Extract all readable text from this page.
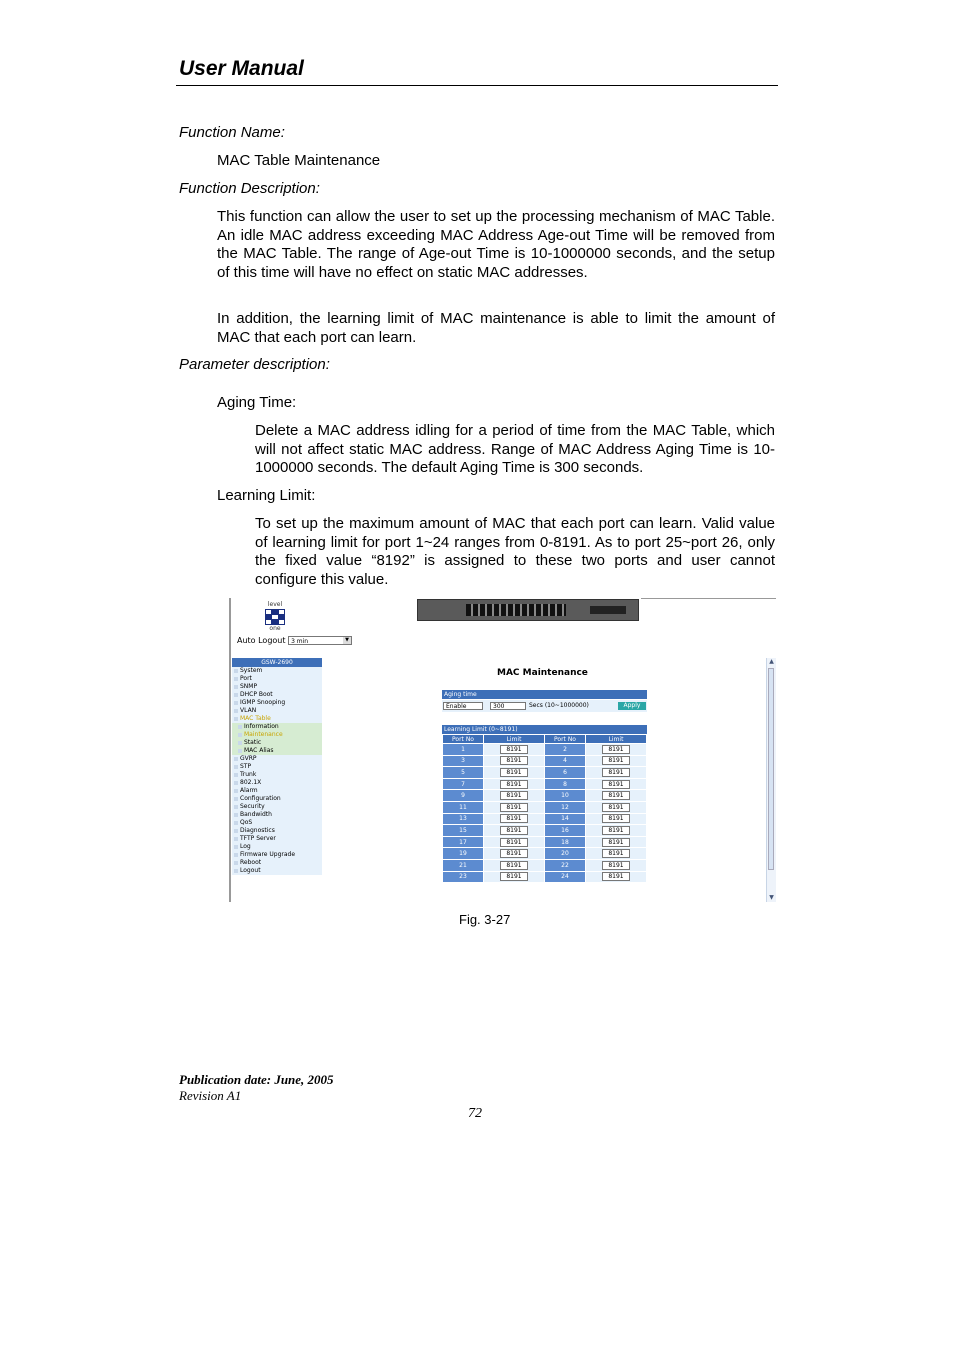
User Manual
Function Name:
MAC Table Maintenance
Function Description:
This function can allow the user to set up the processing mechanism of MAC Table. An idle MAC address exceeding MAC Address Age-out Time will be removed from the MAC Table. The range of Age-out Time is 10-1000000 seconds, and the setup of this time will have no effect on static MAC addresses.
In addition, the learning limit of MAC maintenance is able to limit the amount of MAC that each port can learn.
Parameter description:
Aging Time:
Delete a MAC address idling for a period of time from the MAC Table, which will not affect static MAC address. Range of MAC Address Aging Time is 10-1000000 seconds. The default Aging Time is 300 seconds.
Learning Limit:
To set up the maximum amount of MAC that each port can learn. Valid value of learning limit for port 1~24 ranges from 0-8191. As to port 25~port 26, only the fixed value “8192” is assigned to these two ports and user cannot configure this value.
level
one
Auto Logout 3 min	▼
GSW-2690
System
Port
SNMP
DHCP Boot
IGMP Snooping
VLAN
MAC Table
Information
Maintenance
Static
MAC Alias
GVRP
STP
Trunk
802.1X
Alarm
Configuration
Security
Bandwidth
QoS
Diagnostics
TFTP Server
Log
Firmware Upgrade
Reboot
Logout
MAC Maintenance
Aging time
Enable	300	Secs (10~1000000)	Apply
Learning Limit (0~8191)
Port No	Limit	Port No	Limit
1	8191	2	8191
3	8191	4	8191
5	8191	6	8191
7	8191	8	8191
9	8191	10	8191
11	8191	12	8191
13	8191	14	8191
15	8191	16	8191
17	8191	18	8191
19	8191	20	8191
21	8191	22	8191
23	8191	24	8191
▲
▼
Fig. 3-27
Publication date: June, 2005
Revision A1
72
